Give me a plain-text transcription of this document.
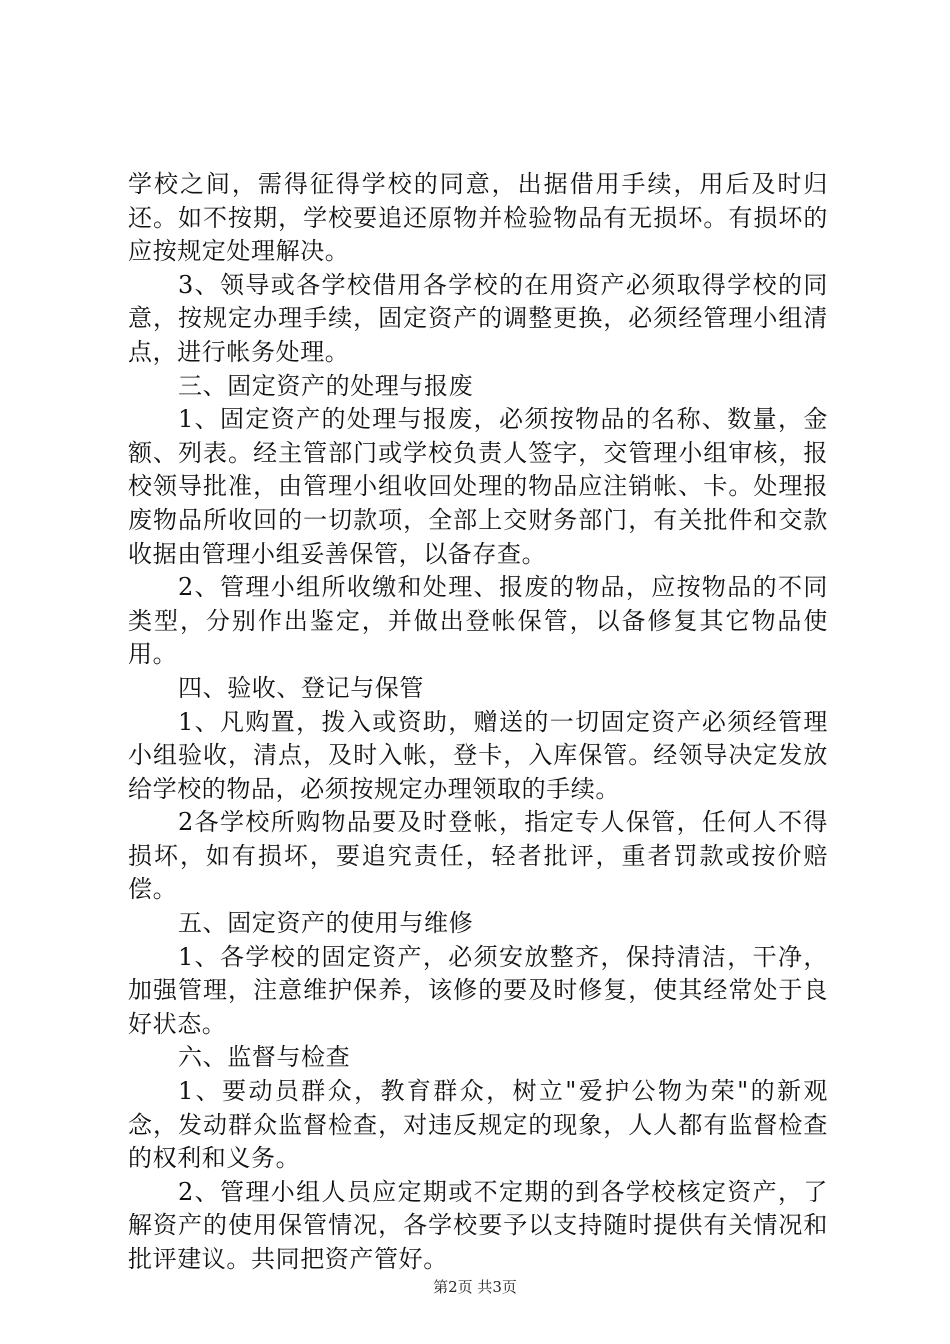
学校之间，需得征得学校的同意，出据借用手续，用后及时归还。如不按期，学校要追还原物并检验物品有无损坏。有损坏的应按规定处理解决。

3、领导或各学校借用各学校的在用资产必须取得学校的同意，按规定办理手续，固定资产的调整更换，必须经管理小组清点，进行帐务处理。

三、固定资产的处理与报废

1、固定资产的处理与报废，必须按物品的名称、数量，金额、列表。经主管部门或学校负责人签字，交管理小组审核，报校领导批准，由管理小组收回处理的物品应注销帐、卡。处理报废物品所收回的一切款项，全部上交财务部门，有关批件和交款收据由管理小组妥善保管，以备存查。

2、管理小组所收缴和处理、报废的物品，应按物品的不同类型，分别作出鉴定，并做出登帐保管，以备修复其它物品使用。

四、验收、登记与保管

1、凡购置，拨入或资助，赠送的一切固定资产必须经管理小组验收，清点，及时入帐，登卡，入库保管。经领导决定发放给学校的物品，必须按规定办理领取的手续。

2各学校所购物品要及时登帐，指定专人保管，任何人不得损坏，如有损坏，要追究责任，轻者批评，重者罚款或按价赔偿。

五、固定资产的使用与维修

1、各学校的固定资产，必须安放整齐，保持清洁，干净，加强管理，注意维护保养，该修的要及时修复，使其经常处于良好状态。

六、监督与检查

1、要动员群众，教育群众，树立"爱护公物为荣"的新观念，发动群众监督检查，对违反规定的现象，人人都有监督检查的权利和义务。

2、管理小组人员应定期或不定期的到各学校核定资产，了解资产的使用保管情况，各学校要予以支持随时提供有关情况和批评建议。共同把资产管好。

第2页 共3页
